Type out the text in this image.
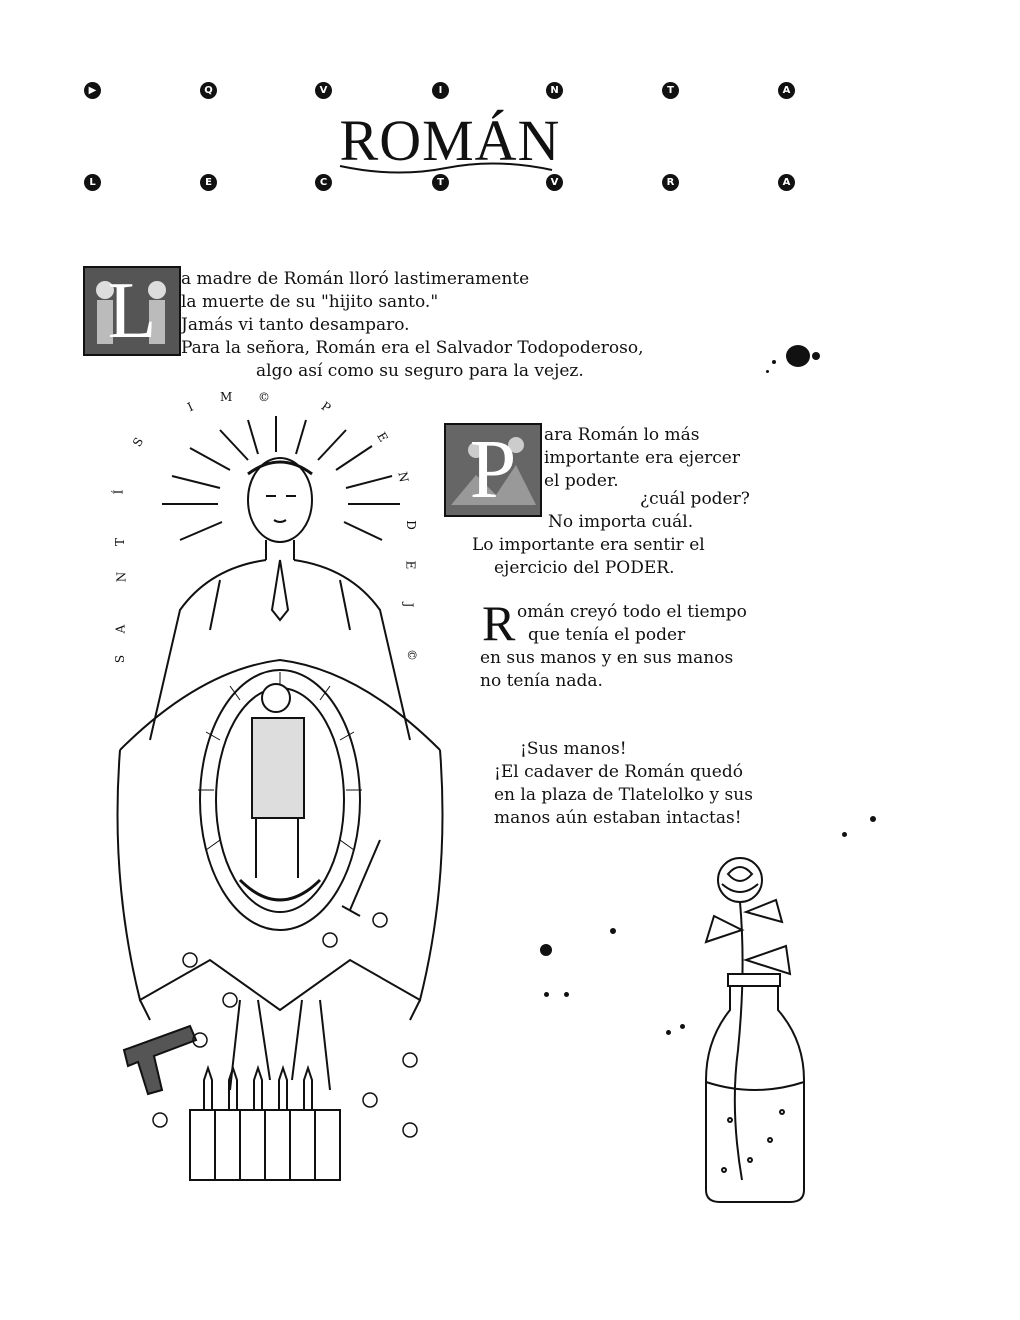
▶	Q	V	I	N	T	A
L	E	C	T	V	R	A
ROMÁN
L	a madre de Román lloró lastimeramente
la muerte de su "hijito santo."
Jamás vi tanto desamparo.
Para la señora, Román era el Salvador Todopoderoso,
algo así como su seguro para la vejez.
P	ara Román lo más
importante era ejercer
el poder.
¿cuál poder?
No importa cuál.
Lo importante era sentir el
ejercicio del PODER.
R omán creyó todo el tiempo
que tenía el poder
en sus manos y en sus manos
no tenía nada.
¡Sus manos!
¡El cadaver de Román quedó
en la plaza de Tlatelolko y sus
manos aún estaban intactas!
S
A
N
T
Í
S
I
M ©
P
E
N
D
E
J
©
